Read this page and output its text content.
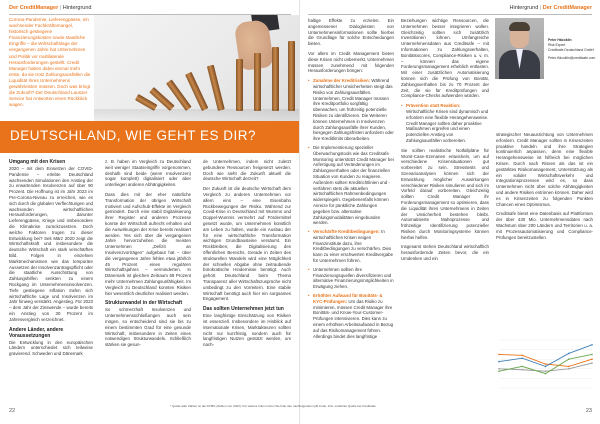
Der CreditManager | Hintergrund

Corona-Pandemie, Lieferengpässe, ein wachsender Fachkräftemangel, historisch gestiegene Finanzierungskosten sowie staatliche Eingriffe – die Wirtschaftslage der vergangenen Jahre hat Unternehmen und Politik vor multilaterale Herausforderungen gestellt. Credit Manager haben dabei einmal mehr erste, da sie trotz Zahlungsausfällen die Liquidität ihres Unternehmens gewährleisten müssen. Doch was bringt die Zukunft? Der Deutschland Lauszer Service hat Antworten einen Rückblick wagen.

DEUTSCHLAND, WIE GEHT ES DIR?
Umgang mit den Krisen

2020 – mit dem Einsetzen der COVID-Pandemie – erlebte Deutschland wachsenden Simulationen den Anstieg der zu erwartenden Insolvenzen auf über 90 Prozent. Die Hoffnung ist im Jahr 2023 im Pre-Corona-Niveau zu erreichen, wie es sich durch die globalen Verflechtungen und wachsenden wirtschaftlichen Herausforderungen, darunter Lieferengpässe, Kriege und insbesondere die Klimakrise zurückzusetzen. Doch welche Faktoren trugen zu dieser Entwicklung bei? Seit März 2020 zeigt die Wirtschaftskraft und insbesondere die deutsche Wirtschaft ein stark verschärftes Bild. Folgen in einzelnen Marktmechanismen wie das temporäre Aussetzen der Insolvenzantragspflicht oder die staatliche Ausschüttung von Zahlungshilfen senkten zu einem Rückgang im Unternehmensinsolvenzen. Tiefe gestiegene Inflation trafen sich wirtschaftliche Lage und Insolvenzen im Jahr hinweg verstärkt. Angestieg. Für 2023 – dem Jahr der Zinswende – wurde bereits ein Anstieg von 30 Prozent im Jahresvergleich verzeichnet.

Andere Länder, andere Voraussetzungen

Die Entwicklung in den europäischen Ländern unterschiedet sich teilweise gravierend. Schweden und Dänemark

z. B. haben im Vergleich zu Deutschland weit weniger Staatseingriffe vorgenommen, deshalb sind beide (wenn Insolvenzen) sogar komplett) digitalisiert oder aber unterliegen anderen Abhängigkeiten.

Dass dies mit der eher natürliche Transformation der übrigen Wirtschaft motiviert und Aufschub-Effekte im Vergleich gemindert. Durch eine stabil Digitalisierung ihrer Register und anderen Prozesse konnte der Wirtschaft aufrecht erhalten und die Auswirkungen der Krise bereits realisiert werden. Yes sich über die vergangenen Jahre hervorzuheben die meisten Unternehmen „Defizit an Insolvenzvorträgen“ aufgebaut hat – über die vergangenen Jahre fehlen etwa jährlich 45 Prozent eines regulären Wirtschaftsjahres – verminderten. In Dänemark ist gleichen Zeitraum 59 Prozent mehr Unternehmen Zahlungsunfähigkeit. Im Vergleich zu Deutschland konnten Risiken hier wesentlich deutlicher realisiert werden.

Strukturwandel in der Wirtschaft

So schmerzhaft Insolvenzen und Unternehmensschließungen auch sein mögen, so entscheidend sind sie bis zu einem bestimmten Grad für eine gesunde Wirtschaft, insbesondere in Zeiten eines notwendigen Strukturwandels. Schließlich stärken sie gesun-

de Unternehmen, indem nicht zuletzt gebundene Ressourcen freigesetzt werden. Doch wie sieht die Zukunft aktuell die deutsche Wirtschaft derzeit?

Der Zukunft ist die deutsche Wirtschaft dem Vergleich zu anderen Unternehmen vor allem eins – eine Eisenbahn Rückbewegungen der Risiko. Während zur Covid-Krise in Deutschland mit Wumms und Doppel-Wumms vermehrt auf Fördermittel gesetzt wurde, um Unternehmen künstlich am Leben zu halten, wurde ein Ausbau der für eine wirtschaftliche Transformation wichtigen Grundbausteine versäumt. Ein Rückbleiben, die Digitalisierung des öffentlichen Bereichs. Gerade in Zeiten des strukturellen Wandels wird eine Möglichkeit der schnellen Abgabe ohne zeitraubende bürokratische Hindernisse benötigt. Auch gehört Deutschland beim Thema Transparenz aller Wirtschaftszusprüche nicht umbedingt zu den Vorreitern. Eine stabile Wirtschaft benötigt auch hier ein sorgsames Engagement.

Das sollten Unternehmen jetzt tun

Eine langfristige Einschätzung von Risiken ist essenziell. Insbesondere im Hinblick auf internationale Krisen, Marktakteuren sollten nicht nur kurzfristig, sondern auch für langfristigen Nutzen gestützt werden, um nach-

22
Hintergrund | Der CreditManager

haltige Effekte zu erzielen. Ein angemessener Dialogleisten von Unternehmensinformationen sollte hierbei die Grundlage für solche Entscheidungen bieten.

Vor allem im Credit Management bieten diese Krisen nicht unbemerkt. Unternehmen müssen zunehmend mit folgenden Herausforderungen bringen:

• Zunahme der Kreditrisiken: Während wirtschaftlicher Unsicherheiten steigt das Risiko von Zahlungsausfällen. Unternehmen, Credit Manager müssen ihre Kreditportfolio sorgfältig überwachen, um frühzeitig potenzielle Risiken zu identifizieren. Die Weiteren können Unternehmen in Insolvenzen durch Zahlungsausfälle ihrer Kunden, hiergegen Zahlungsfristen anfordern oder ihre Kreditlimits überarbeiten.
• Die Implementierung spezieller Überwachungstools wie das Creditsafe Monitoring unterstützt Credit Manager bei Anfertigung auf Veränderungen im Zahlungsverhalten oder der finanziellen Situation von Kunden zu reagieren. Außerdem sollten Kreditrichtlinien und -verfahren stets die aktuellen wirtschaftlichen Rahmenbedingungen widerspiegeln. Gegebenenfalls können Anreize für pünktliche Zahlungen gegeben bzw. alternative Zahlungsmodalitäten eingebunden werden.
• Verschärfte Kreditbedingungen: In wirtschaftlichen Krisen neigen Finanzinstitute dazu, ihre Kreditbedingungen zu verschärfen. Dies kann zu einer erschwerten Kreditvergabe für Unternehmen führen.
• Unternehmen sollten ihre Finanzierungsquellen diversifizieren und alternative Finanzierungsmöglichkeiten in Erwägung ziehen.
• Erhöhter Aufwand für Bonitäts- & KYC-Prüfungen: Um das Risiko zu minimieren, müssen Credit Manager ihre Bonitäts- und Know-Your-Customer-Prüfungen intensivieren. Dies kann zu einem erhöhten Arbeitsaufwand in Bezug auf das Risikomanagement führen. Allerdings bindet dies langfristige

Beziehungen wichtige Ressourcen, die Unternehmen besser integrieren wollen. Gleichzeitig sollten sich zusätzlich Investitionen lohnen. Umfangreiche Unternehmensdaten aus Creditsafe – mit Informationen zu Zahlungsverhalten, Bonitätsscores, Compliance-Risiken u. v. m. – können das eigene Forderungsmanagement erheblich entlasten. Mit einer zusätzlichen Automatisierung können sich die Prüfung von Bonität, Zahlungsverhalten bis zu 70 Prozent der Zeit, die sie für Kreditprüfungen und Compliance-Checks aufwenden würden.

• Prävention statt Reaktion: Wirtschaftliche Krisen sind dynamisch und erfordern eine flexible Herangehensweise. Credit Manager sollten daher proaktive Maßnahmen ergreifen und einen potenziellen Anstieg von Zahlungsausfällen vorbereiten.

Sie sollten realistische Notfallpläne für Worst-Case-Szenarien entwickeln, um auf verschiedene Krisensituationen gut vorbereitet zu sein. Stresstests und Szenarioanalysen können sich der Entwicklung möglicher Auswirkungen verschiedener Risiken simulieren und sich im Vorfeld darauf vorbereiten. Gleichzeitig sollten Credit Manager ihr Forderungsmanagement so optimieren, dass die Liquidität ihres Unternehmens in Zeiten der Unsicherheit bestehen bleibt. Automatisierte Mahnprozesse und frühzeitige Identifizierung potenzieller Risiken durch Monitoringsysteme können hierbei helfen.

Insgesamt stehen Deutschland wirtschaftlich herausfordernde Zeiten bevor, die ein Umdenken und ein

Peter Häcoklin
Risk Expert
Creditsafe Deutschland GmbH
Peter.Häcoklin@creditsafe.com

strategischer Neuausrichtung von Unternehmen erfordern. Credit Manager sollten in Krisenzeiten proaktive handeln und ihre Strategien kontinuierlich anpassen, denn eine flexible Herangehensweise ist hilfreich bei möglichen Krisen. Durch nach Rissen als das ist ein gestärktes Risikomanagement, Unterstützung als ein solider Wirtschaftsverkehr und Integrationsprozessen wird es, so dass Unternehmen nicht über solche Abhängigkeiten und andere Risiken entrinnen können. Daher wird es in Krisenzeiten zu folgenden Punkten Chancen eines Optimismus.

Creditsafe bietet eine Datenbasis auf Plattformen der über 430 Mio. Unternehmensdaten nach Wachstum über 200 Ländern und Territorien u. a. mit Prozessautomatisierung und Compliance-Prüfungen bereitzustellen.

23
* Quelle aller Zahlen ist die KPMG (Zahlen von 2023). Für weitere Infos nutzen Sie bitte den nachfolgenden QR-Code, bzw. erwähnte Quelle bei Creditsafe.
